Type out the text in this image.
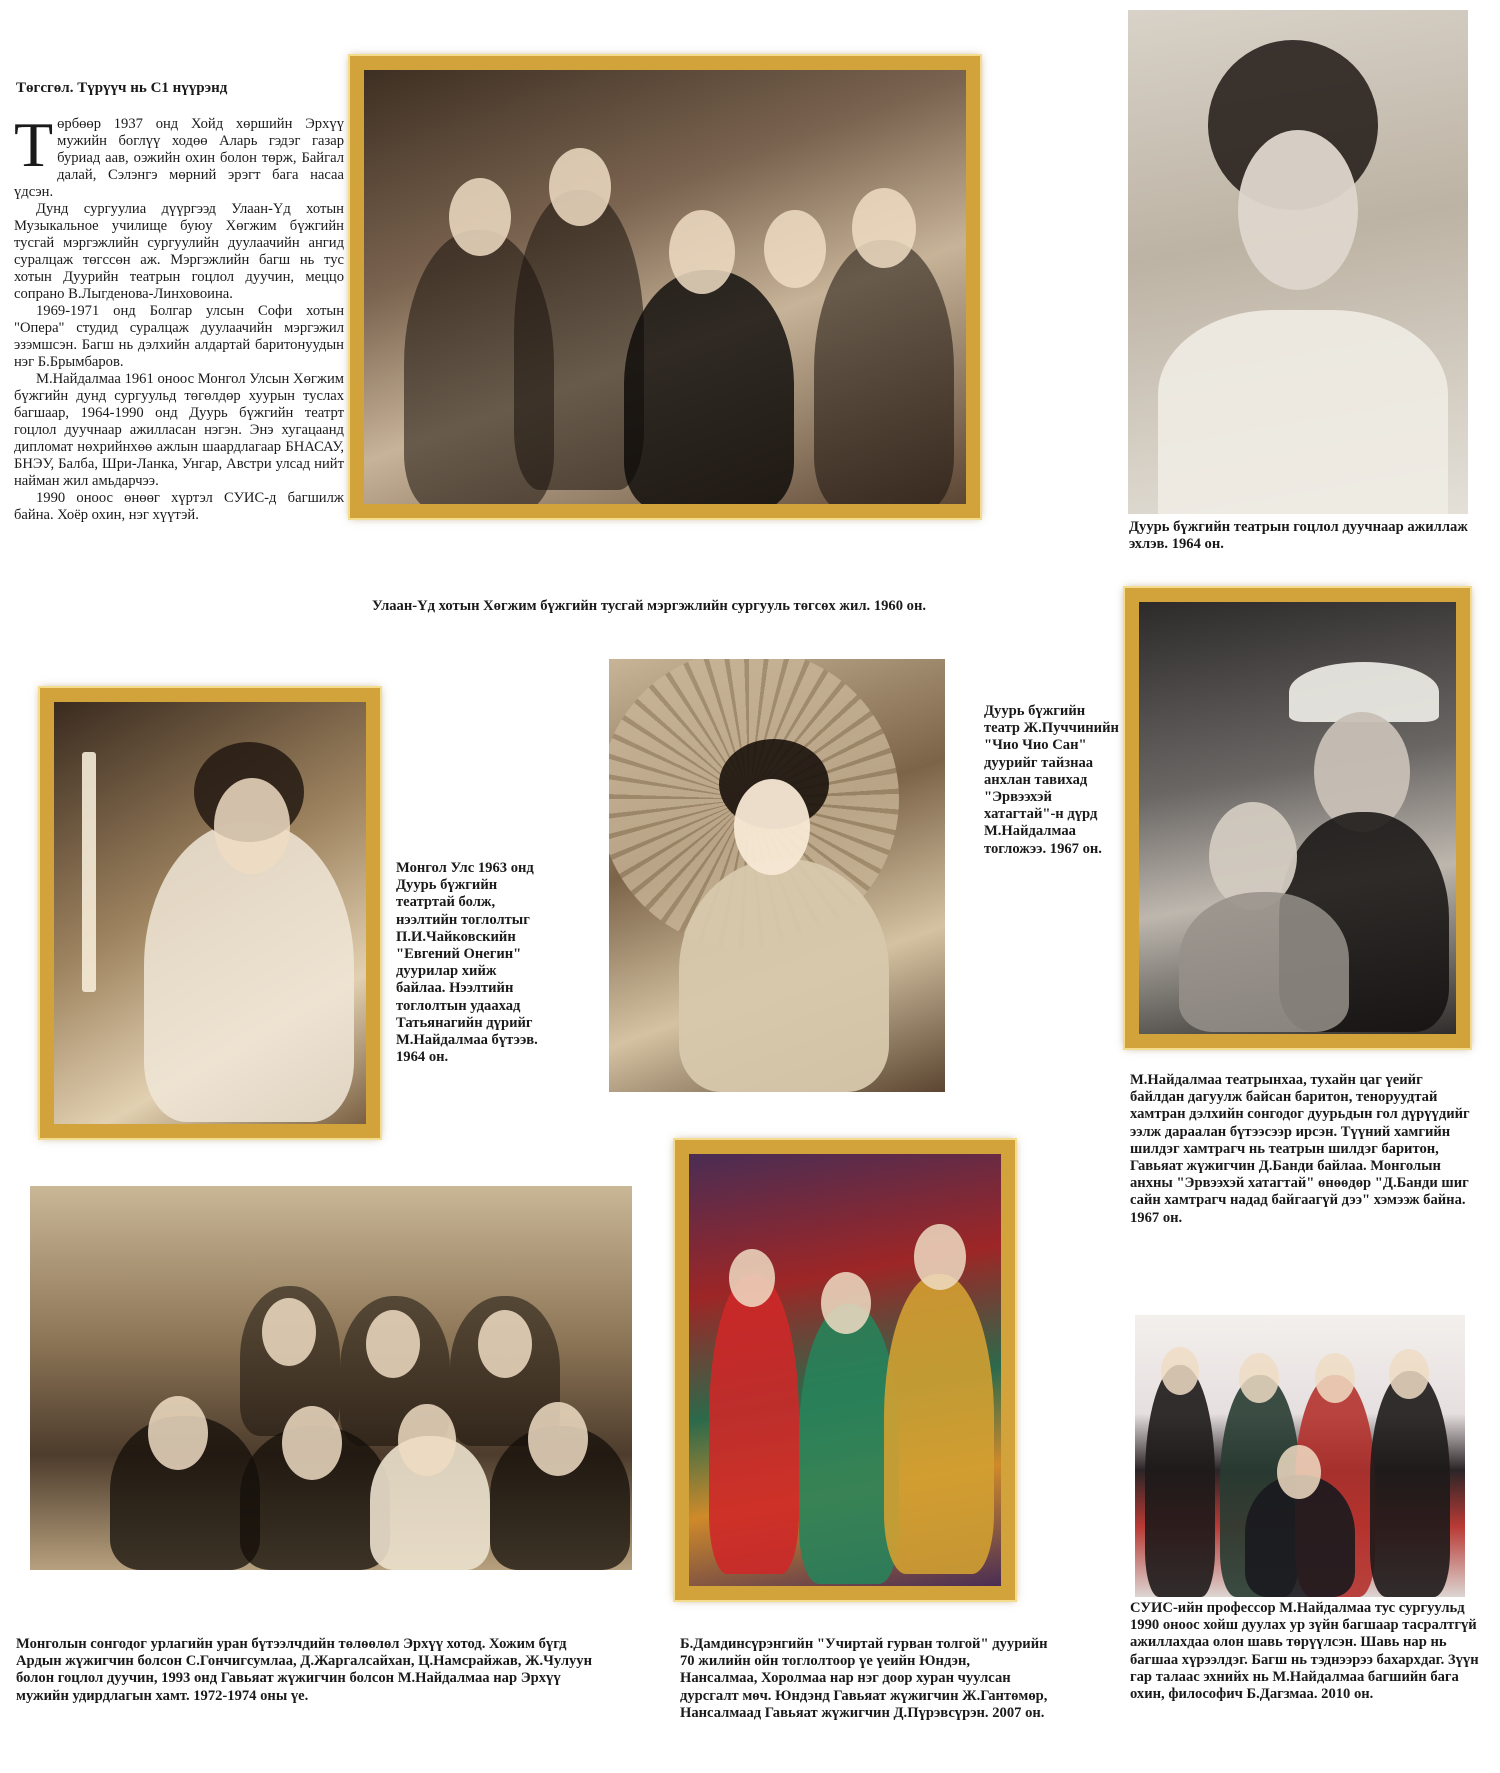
Төгсгөл. Түрүүч нь С1 нүүрэнд

Төрбөөр 1937 онд Хойд хөршийн Эрхүү мужийн боглүү ходөө Аларь гэдэг газар буриад аав, оэжийн охин болон төрж, Байгал далай, Сэлэнгэ мөрний эрэгт бага насаа үдсэн.

Дунд сургуулиа дүүргээд Улаан-Үд хотын Музыкальное училище буюу Хөгжим бүжгийн тусгай мэргэжлийн сургуулийн дуулаачийн ангид суралцаж төгссөн аж. Мэргэжлийн багш нь тус хотын Дуурийн театрын гоцлол дуучин, меццо сопрано В.Лыгденова-Линховоина.

1969-1971 онд Болгар улсын Софи хотын "Опера" студид суралцаж дуулаачийн мэргэжил эзэмшсэн. Багш нь дэлхийн алдартай баритонуудын нэг Б.Брымбаров.

М.Найдалмаа 1961 оноос Монгол Улсын Хөгжим бүжгийн дунд сургуульд төгөлдөр хуурын туслах багшаар, 1964-1990 онд Дуурь бүжгийн театрт гоцлол дуучнаар ажилласан нэгэн. Энэ хугацаанд дипломат нөхрийнхөө ажлын шаардлагаар БНАСАУ, БНЭУ, Балба, Шри-Ланка, Унгар, Австри улсад нийт найман жил амьдарчээ.

1990 оноос өнөөг хүртэл СУИС-д багшилж байна. Хоёр охин, нэг хүүтэй.

Улаан-Үд хотын Хөгжим бүжгийн тусгай мэргэжлийн сургууль төгсөх жил. 1960 он.
Дуурь бүжгийн театрын гоцлол дуучнаар ажиллаж эхлэв. 1964 он.
Монгол Улс 1963 онд Дуурь бүжгийн театртай болж, нээлтийн тоглолтыг П.И.Чайковскийн "Евгений Онегин" дуурилар хийж байлаа. Нээлтийн тоглолтын удаахад Татьянагийн дүрийг М.Найдалмаа бүтээв. 1964 он.
Дуурь бүжгийн театр Ж.Пуччинийн "Чио Чио Сан" дуурийг тайзнаа анхлан тавихад "Эрвээхэй хатагтай"-н дүрд М.Найдалмаа тогложээ. 1967 он.
М.Найдалмаа театрынхаа, тухайн цаг үеийг байлдан дагуулж байсан баритон, тенoруудтай хамтран дэлхийн сонгодог дуурьдын гол дүрүүдийг ээлж дараалан бүтээсээр ирсэн. Түүний хамгийн шилдэг хамтрагч нь театрын шилдэг баритон, Гавьяат жүжигчин Д.Банди байлаа. Монголын анхны "Эрвээхэй хатагтай" өнөөдөр "Д.Банди шиг сайн хамтрагч надад байгаагүй дээ" хэмээж байна. 1967 он.
Монголын сонгодог урлагийн уран бүтээлчдийн төлөөлөл Эрхүү хотод. Хожим бүгд Ардын жүжигчин болсон С.Гончигсумлаа, Д.Жаргалсайхан, Ц.Намсрайжав, Ж.Чулуун болон гоцлол дуучин, 1993 онд Гавьяат жүжигчин болсон М.Найдалмаа нар Эрхүү мужийн удирдлагын хамт. 1972-1974 оны үе.
Б.Дамдинсүрэнгийн "Учиртай гурван толгой" дуурийн 70 жилийн ойн тоглолтоор үе үеийн Юндэн, Нансалмаа, Хоролмаа нар нэг доор хуран чуулсан дурсгалт мөч. Юндэнд Гавьяат жүжигчин Ж.Гантөмөр, Нансалмаад Гавьяат жүжигчин Д.Пүрэвсүрэн. 2007 он.
СУИС-ийн профессор М.Найдалмаа тус сургуульд 1990 оноос хойш дуулах ур зүйн багшаар тасралтгүй ажиллахдаа олон шавь төрүүлсэн. Шавь нар нь багшаа хүрээлдэг. Багш нь тэднээрээ бахархдаг. Зүүн гар талаас эхнийх нь М.Найдалмаа багшийн бага охин, философич Б.Дагзмаа. 2010 он.
